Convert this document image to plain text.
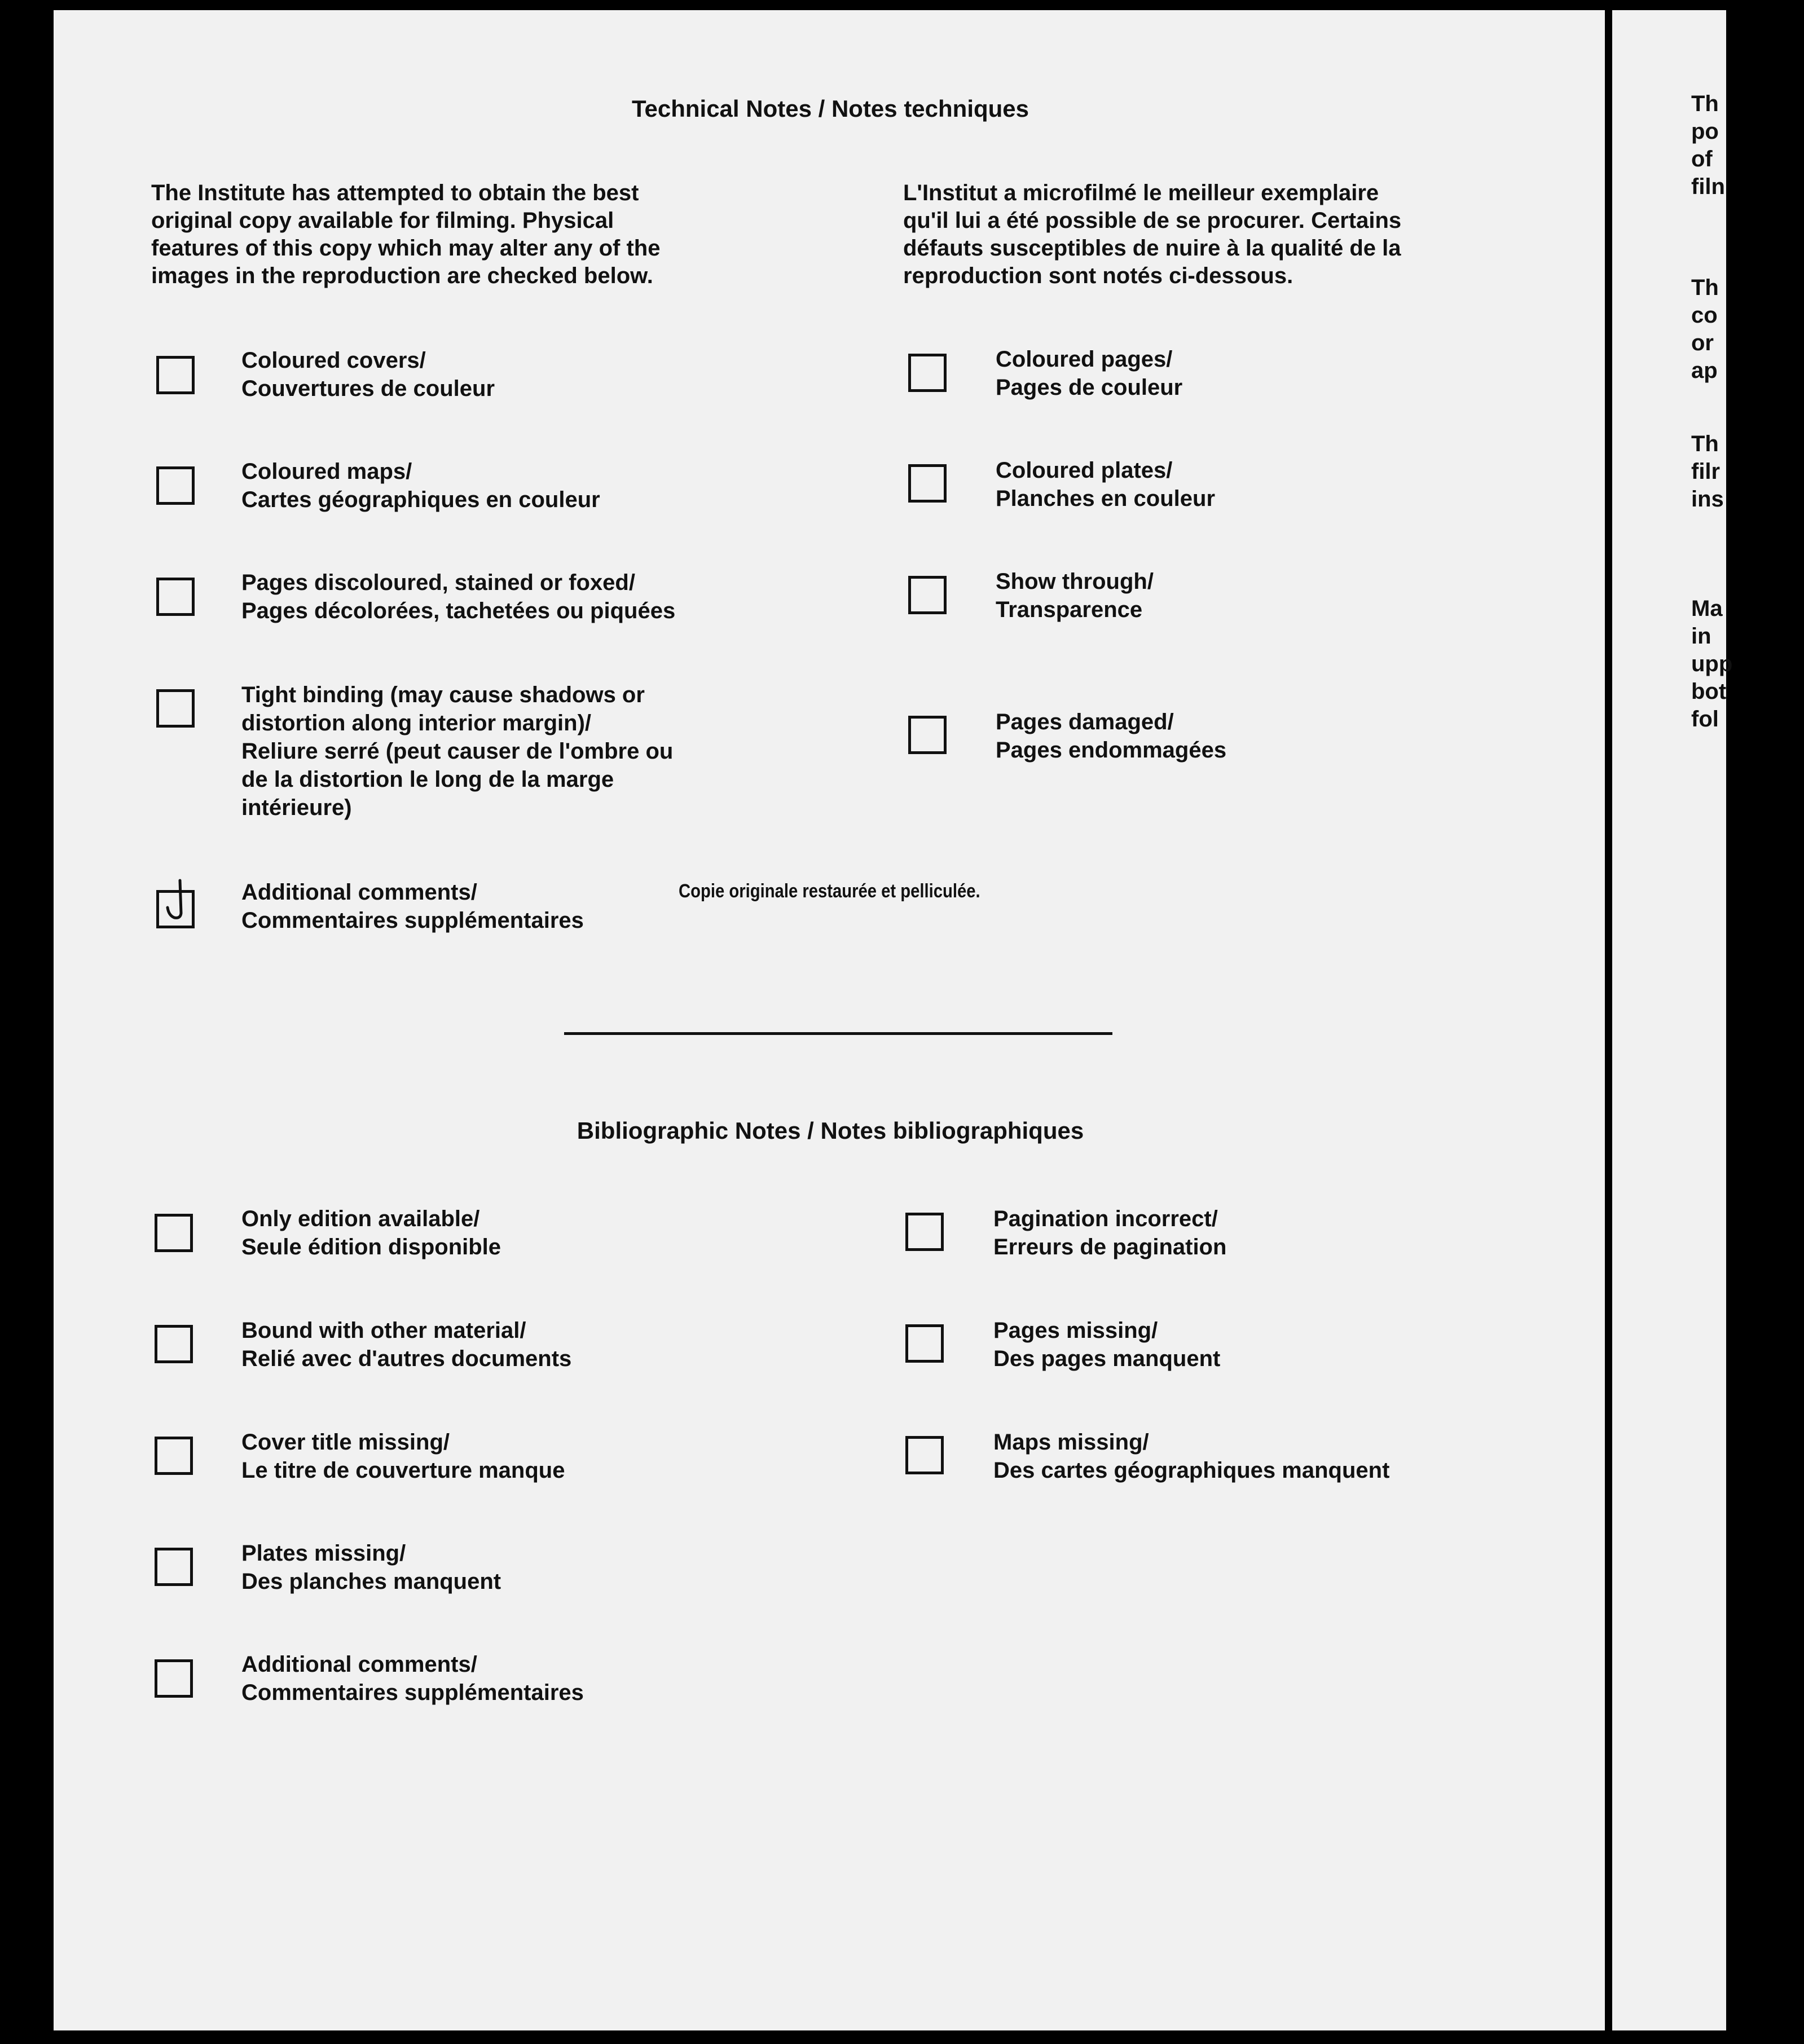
Th
po
of
filn
Th
co
or
ap
Th
filr
ins
Ma
in
upp
bot
fol
Technical Notes / Notes techniques
The Institute has attempted to obtain the best
original copy available for filming. Physical
features of this copy which may alter any of the
images in the reproduction are checked below.
L'Institut a microfilmé le meilleur exemplaire
qu'il lui a été possible de se procurer. Certains
défauts susceptibles de nuire à la qualité de la
reproduction sont notés ci-dessous.
Coloured covers/
Couvertures de couleur
Coloured maps/
Cartes géographiques en couleur
Pages discoloured, stained or foxed/
Pages décolorées, tachetées ou piquées
Tight binding (may cause shadows or
distortion along interior margin)/
Reliure serré (peut causer de l'ombre ou
de la distortion le long de la marge
intérieure)
Additional comments/
Commentaires supplémentaires
Copie originale restaurée et pelliculée.
Coloured pages/
Pages de couleur
Coloured plates/
Planches en couleur
Show through/
Transparence
Pages damaged/
Pages endommagées
Bibliographic Notes / Notes bibliographiques
Only edition available/
Seule édition disponible
Bound with other material/
Relié avec d'autres documents
Cover title missing/
Le titre de couverture manque
Plates missing/
Des planches manquent
Additional comments/
Commentaires supplémentaires
Pagination incorrect/
Erreurs de pagination
Pages missing/
Des pages manquent
Maps missing/
Des cartes géographiques manquent
